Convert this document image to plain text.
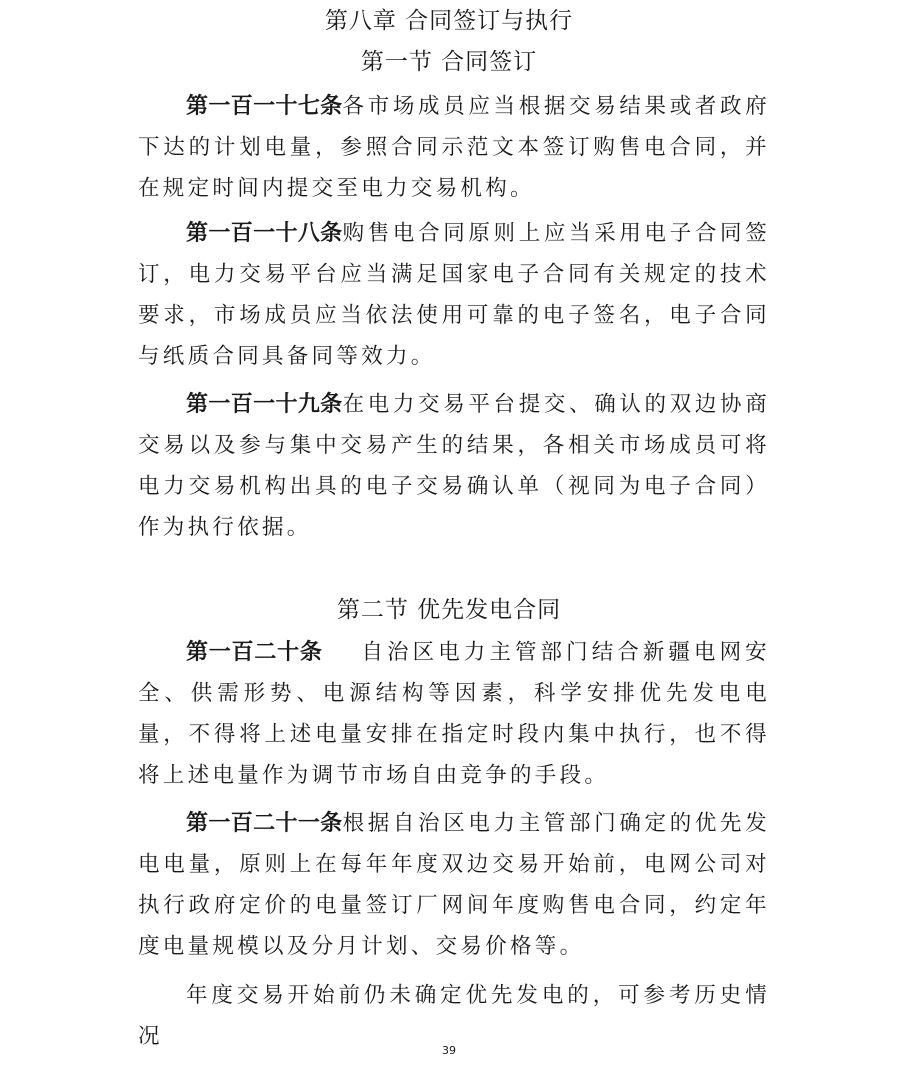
第八章 合同签订与执行
第一节 合同签订

第一百一十七条各市场成员应当根据交易结果或者政府下达的计划电量，参照合同示范文本签订购售电合同，并在规定时间内提交至电力交易机构。

第一百一十八条购售电合同原则上应当采用电子合同签订，电力交易平台应当满足国家电子合同有关规定的技术要求，市场成员应当依法使用可靠的电子签名，电子合同与纸质合同具备同等效力。

第一百一十九条在电力交易平台提交、确认的双边协商交易以及参与集中交易产生的结果，各相关市场成员可将电力交易机构出具的电子交易确认单（视同为电子合同）作为执行依据。

第二节 优先发电合同

第一百二十条 自治区电力主管部门结合新疆电网安全、供需形势、电源结构等因素，科学安排优先发电电量，不得将上述电量安排在指定时段内集中执行，也不得将上述电量作为调节市场自由竞争的手段。

第一百二十一条根据自治区电力主管部门确定的优先发电电量，原则上在每年年度双边交易开始前，电网公司对执行政府定价的电量签订厂网间年度购售电合同，约定年度电量规模以及分月计划、交易价格等。

年度交易开始前仍未确定优先发电的，可参考历史情况

39
